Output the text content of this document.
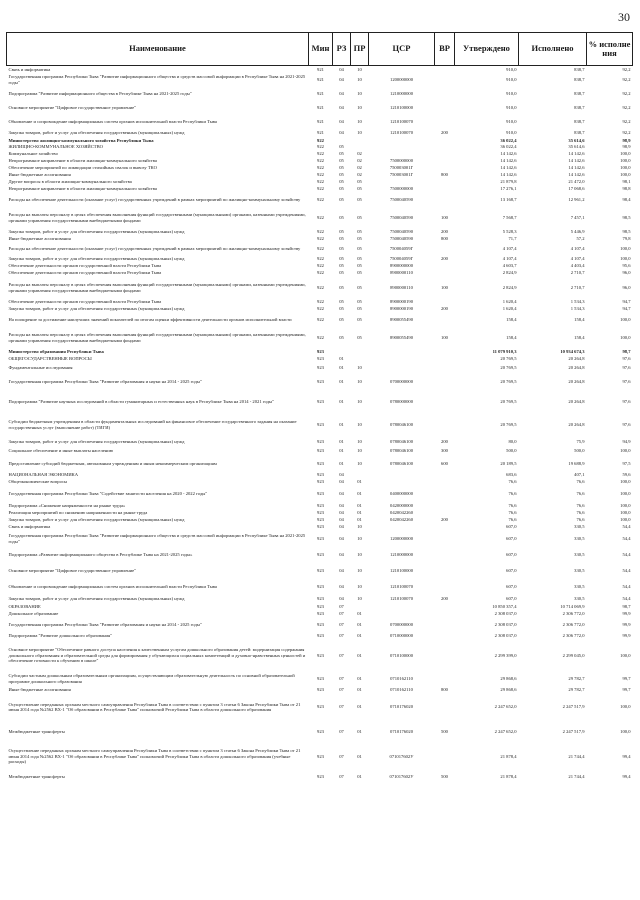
30
Наименование	Мин	РЗ	ПР	ЦСР	ВР	Утверждено	Исполнено	% исполне ния
Связь и информатика	921	04	10			910,0	838,7	92,2
Государственная программа Республики Тыва "Развитие информационного общества и средств массовой информации в Республике Тыва на 2021-2025 годы"	921	04	10	1200000000		910,0	838,7	92,2
Подпрограмма "Развитие информационного общества в Республике Тыва на 2021-2025 годы"	921	04	10	1210000000		910,0	838,7	92,2
Основное мероприятие "Цифровое государственное управление"	921	04	10	1210100000		910,0	838,7	92,2
Обновление и сопровождение информационных систем органов исполнительной власти Республики Тыва	921	04	10	1210100070		910,0	838,7	92,2
Закупка товаров, работ и услуг для обеспечения государственных (муниципальных) нужд	921	04	10	1210100070	200	910,0	838,7	92,2
Министерство жилищно-коммунального хозяйства Республики Тыва	922					36 022,4	35 614,6	98,9
ЖИЛИЩНО-КОММУНАЛЬНОЕ ХОЗЯЙСТВО	922	05				36 022,4	35 614,6	98,9
Коммунальное хозяйство	922	05	02			14 142,6	14 142,6	100,0
Непрограммное направление в области жилищно-коммунального хозяйства	922	05	02	7500000000		14 142,6	14 142,6	100,0
Обеспечение мероприятий по ликвидации стихийных свалок и вывозу ТКО	922	05	02	750003001Г		14 142,6	14 142,6	100,0
Иные бюджетные ассигнования	922	05	02	750003001Г	800	14 142,6	14 142,6	100,0
Другие вопросы в области жилищно-коммунального хозяйства	922	05	05			21 879,8	21 472,0	98,1
Непрограммное направление в области жилищно-коммунального хозяйства	922	05	05	7500000000		17 276,1	17 068,6	98,8
Расходы на обеспечение деятельности (оказание услуг) государственных учреждений в рамках мероприятий по жилищно-коммунальному хозяйству	922	05	05	7500040590		13 168,7	12 961,2	98,4
Расходы на выплаты персоналу в целях обеспечения выполнения функций государственными (муниципальными) органами, казенными учреждениями, органами управления государственными внебюджетными фондами	922	05	05	7500040590	100	7 568,7	7 457,1	98,5
Закупка товаров, работ и услуг для обеспечения государственных (муниципальных) нужд	922	05	05	7500040590	200	5 528,3	5 446,9	98,5
Иные бюджетные ассигнования	922	05	05	7500040590	800	71,7	57,2	79,8
Расходы на обеспечение деятельности (оказание услуг) государственных учреждений в рамках мероприятий по жилищно-коммунальному хозяйству	922	05	05	750004059Г		4 107,4	4 107,4	100,0
Закупка товаров, работ и услуг для обеспечения государственных (муниципальных) нужд	922	05	05	750004059Г	200	4 107,4	4 107,4	100,0
Обеспечение деятельности органов государственной власти Республики Тыва	922	05	05	8900000000		4 603,7	4 403,4	95,6
Обеспечение деятельности органов государственной власти Республики Тыва	922	05	05	8900000110		2 824,9	2 710,7	96,0
Расходы на выплаты персоналу в целях обеспечения выполнения функций государственными (муниципальными) органами, казенными учреждениями, органами управления государственными внебюджетными фондами	922	05	05	8900000110	100	2 824,9	2 710,7	96,0
Обеспечение деятельности органов государственной власти Республики Тыва	922	05	05	8900000190		1 620,4	1 534,3	94,7
Закупка товаров, работ и услуг для обеспечения государственных (муниципальных) нужд	922	05	05	8900000190	200	1 620,4	1 534,3	94,7
На поощрение за достижение наилучших значений показателей по итогам оценки эффективности деятельности органов исполнительной власти	922	05	05	8900055490		158,4	158,4	100,0
Расходы на выплаты персоналу в целях обеспечения выполнения функций государственными (муниципальными) органами, казенными учреждениями, органами управления государственными внебюджетными фондами	922	05	05	8900055490	100	158,4	158,4	100,0
Министерство образования Республики Тыва	923					11 079 910,3	10 934 674,3	98,7
ОБЩЕГОСУДАРСТВЕННЫЕ ВОПРОСЫ	923	01				20 769,5	20 264,8	97,6
Фундаментальные исследования	923	01	10			20 769,5	20 264,8	97,6
Государственная программа Республики Тыва "Развитие образования и науки на 2014 - 2025 годы"	923	01	10	0700000000		20 769,5	20 264,8	97,6
Подпрограмма "Развитие научных исследований в области гуманитарных и естественных наук в Республике Тыва на 2014 - 2021 годы"	923	01	10	0780000000		20 769,5	20 264,8	97,6
Субсидии бюджетным учреждениям в области фундаментальных исследований на финансовое обеспечение государственного задания на оказание государственных услуг (выполнение работ) (ТИГИ)	923	01	10	0780046100		20 769,5	20 264,8	97,6
Закупка товаров, работ и услуг для обеспечения государственных (муниципальных) нужд	923	01	10	0780046100	200	80,0	75,9	94,9
Социальное обеспечение и иные выплаты населению	923	01	10	0780046100	300	500,0	500,0	100,0
Предоставление субсидий бюджетным, автономным учреждениям и иным некоммерческим организациям	923	01	10	0780046100	600	20 189,5	19 688,9	97,5
НАЦИОНАЛЬНАЯ ЭКОНОМИКА	923	04				683,6	407,1	59,6
Общеэкономические вопросы	923	04	01			76,6	76,6	100,0
Государственная программа Республики Тыва "Содействие занятости населения на 2020 - 2022 годы"	923	04	01	0400000000		76,6	76,6	100,0
Подпрограмма «Снижение напряженности на рынке труда»	923	04	01	0420000000		76,6	76,6	100,0
Реализация мероприятий по снижению напряженности на рынке труда	923	04	01	0420042260		76,6	76,6	100,0
Закупка товаров, работ и услуг для обеспечения государственных (муниципальных) нужд	923	04	01	0420042260	200	76,6	76,6	100,0
Связь и информатика	923	04	10			607,0	330,5	54,4
Государственная программа Республики Тыва "Развитие информационного общества и средств массовой информации в Республике Тыва на 2021-2025 годы"	923	04	10	1200000000		607,0	330,5	54,4
Подпрограмма «Развитие информационного общества в Республике Тыва на 2021-2025 годы»	923	04	10	1210000000		607,0	330,5	54,4
Основное мероприятие "Цифровое государственное управление"	923	04	10	1210100000		607,0	330,5	54,4
Обновление и сопровождение информационных систем органов исполнительной власти Республики Тыва	923	04	10	1210100070		607,0	330,5	54,4
Закупка товаров, работ и услуг для обеспечения государственных (муниципальных) нужд	923	04	10	1210100070	200	607,0	330,5	54,4
ОБРАЗОВАНИЕ	923	07				10 850 357,4	10 714 069,9	98,7
Дошкольное образование	923	07	01			2 308 037,0	2 306 772,0	99,9
Государственная программа Республики Тыва "Развитие образования и науки на 2014 - 2025 годы"	923	07	01	0700000000		2 308 037,0	2 306 772,0	99,9
Подпрограмма "Развитие дошкольного образования"	923	07	01	0710000000		2 308 037,0	2 306 772,0	99,9
Основное мероприятие "Обеспечение равного доступа населения к качественным услугам дошкольного образования детей: модернизация содержания дошкольного образования и образовательной среды для формирования у обучающихся социальных компетенций и духовно-нравственных ценностей и обеспечение готовности к обучению в школе"	923	07	01	0710100000		2 299 399,0	2 299 045,0	100,0
Субсидии частным дошкольным образовательным организациям, осуществляющим образовательную деятельность по основной образовательной программе дошкольного образования	923	07	01	0710162110		29 868,6	29 782,7	99,7
Иные бюджетные ассигнования	923	07	01	0710162110	800	29 868,6	29 782,7	99,7
Осуществление переданных органам местного самоуправления Республики Тыва в соответствии с пунктом 3 статьи 6 Закона Республики Тыва от 21 июня 2014 года №2562 ВХ-1 "Об образовании в Республике Тыва" полномочий Республики Тыва в области дошкольного образования	923	07	01	0710176020		2 247 652,0	2 247 517,9	100,0
Межбюджетные трансферты	923	07	01	0710176020	500	2 247 652,0	2 247 517,9	100,0
Осуществление переданных органам местного самоуправления Республики Тыва в соответствии с пунктом 3 статьи 6 Закона Республики Тыва от 21 июня 2014 года №2562 ВХ-1 "Об образовании в Республике Тыва" полномочий Республики Тыва в области дошкольного образования (учебные расходы)	923	07	01	071017602У		21 878,4	21 744,4	99,4
Межбюджетные трансферты	923	07	01	071017602У	500	21 878,4	21 744,4	99,4
